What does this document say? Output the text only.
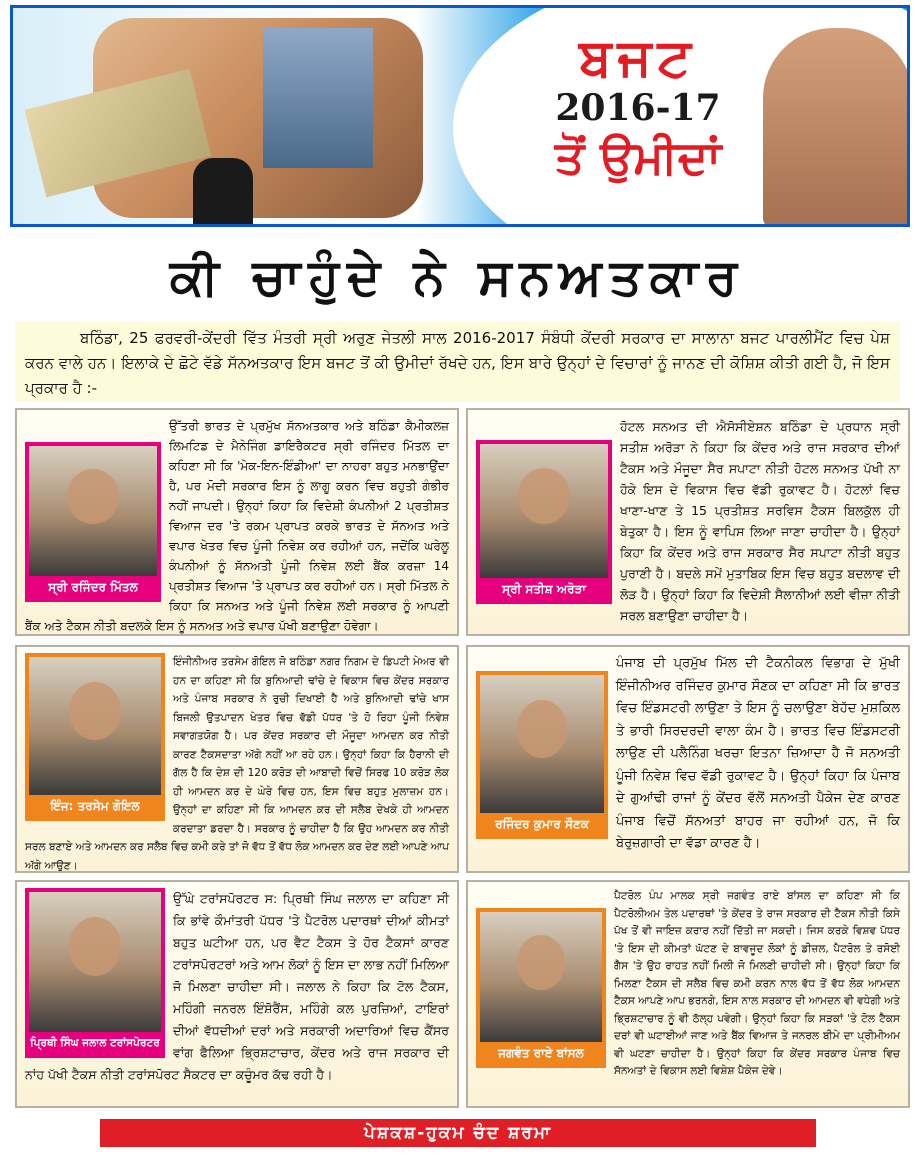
ਬਜਟ
2016-17
ਤੋਂ ਉਮੀਦਾਂ
ਕੀ ਚਾਹੁੰਦੇ ਨੇ ਸਨਅਤਕਾਰ
ਬਠਿੰਡਾ, 25 ਫਰਵਰੀ-ਕੇਂਦਰੀ ਵਿੱਤ ਮੰਤਰੀ ਸ੍ਰੀ ਅਰੁਣ ਜੇਤਲੀ ਸਾਲ 2016-2017 ਸੰਬੰਧੀ ਕੇਂਦਰੀ ਸਰਕਾਰ ਦਾ ਸਾਲਾਨਾ ਬਜਟ ਪਾਰਲੀਮੈਂਟ ਵਿਚ ਪੇਸ਼ ਕਰਨ ਵਾਲੇ ਹਨ। ਇਲਾਕੇ ਦੇ ਛੋਟੇ ਵੱਡੇ ਸੱਨਅਤਕਾਰ ਇਸ ਬਜਟ ਤੋਂ ਕੀ ਉਮੀਦਾਂ ਰੱਖਦੇ ਹਨ, ਇਸ ਬਾਰੇ ਉਨ੍ਹਾਂ ਦੇ ਵਿਚਾਰਾਂ ਨੂੰ ਜਾਨਣ ਦੀ ਕੋਸ਼ਿਸ਼ ਕੀਤੀ ਗਈ ਹੈ, ਜੋ ਇਸ ਪ੍ਰਕਾਰ ਹੈ :-
ਸ੍ਰੀ ਰਜਿੰਦਰ ਮਿੱਤਲ

ਉੱਤਰੀ ਭਾਰਤ ਦੇ ਪ੍ਰਮੁੱਖ ਸੱਨਅਤਕਾਰ ਅਤੇ ਬਠਿੰਡਾ ਕੈਮੀਕਲਜ਼ ਲਿਮਟਿਡ ਦੇ ਮੈਨੇਜਿੰਗ ਡਾਇਰੈਕਟਰ ਸ੍ਰੀ ਰਜਿੰਦਰ ਮਿੱਤਲ ਦਾ ਕਹਿਣਾ ਸੀ ਕਿ 'ਮੇਕ-ਇਨ-ਇੰਡੀਆ' ਦਾ ਨਾਹਰਾ ਬਹੁਤ ਮਨਭਾਉਂਦਾ ਹੈ, ਪਰ ਮੋਦੀ ਸਰਕਾਰ ਇਸ ਨੂੰ ਲਾਗੂ ਕਰਨ ਵਿਚ ਬਹੁਤੀ ਗੰਭੀਰ ਨਹੀਂ ਜਾਪਦੀ। ਉਨ੍ਹਾਂ ਕਿਹਾ ਕਿ ਵਿਦੇਸ਼ੀ ਕੰਪਨੀਆਂ 2 ਪ੍ਰਤੀਸ਼ਤ ਵਿਆਜ ਦਰ 'ਤੇ ਰਕਮ ਪ੍ਰਾਪਤ ਕਰਕੇ ਭਾਰਤ ਦੇ ਸੱਨਅਤ ਅਤੇ ਵਪਾਰ ਖੇਤਰ ਵਿਚ ਪੂੰਜੀ ਨਿਵੇਸ਼ ਕਰ ਰਹੀਆਂ ਹਨ, ਜਦੋਂਕਿ ਘਰੇਲੂ ਕੰਪਨੀਆਂ ਨੂੰ ਸੱਨਅਤੀ ਪੂੰਜੀ ਨਿਵੇਸ਼ ਲਈ ਬੈਂਕ ਕਰਜ਼ਾ 14 ਪ੍ਰਤੀਸ਼ਤ ਵਿਆਜ 'ਤੇ ਪ੍ਰਾਪਤ ਕਰ ਰਹੀਆਂ ਹਨ। ਸ੍ਰੀ ਮਿੱਤਲ ਨੇ ਕਿਹਾ ਕਿ ਸਨਅਤ ਅਤੇ ਪੂੰਜੀ ਨਿਵੇਸ਼ ਲਈ ਸਰਕਾਰ ਨੂੰ ਆਪਣੀ ਬੈਂਕ ਅਤੇ ਟੈਕਸ ਨੀਤੀ ਬਦਲਕੇ ਇਸ ਨੂੰ ਸਨਅਤ ਅਤੇ ਵਪਾਰ ਪੱਖੀ ਬਣਾਉਣਾ ਹੋਵੇਗਾ।

ਸ੍ਰੀ ਸਤੀਸ਼ ਅਰੋੜਾ

ਹੋਟਲ ਸਨਅਤ ਦੀ ਐਸੋਸੀਏਸ਼ਨ ਬਠਿੰਡਾ ਦੇ ਪ੍ਰਧਾਨ ਸ੍ਰੀ ਸਤੀਸ਼ ਅਰੋੜਾ ਨੇ ਕਿਹਾ ਕਿ ਕੇਂਦਰ ਅਤੇ ਰਾਜ ਸਰਕਾਰ ਦੀਆਂ ਟੈਕਸ ਅਤੇ ਮੌਜੂਦਾ ਸੈਰ ਸਪਾਟਾ ਨੀਤੀ ਹੋਟਲ ਸਨਅਤ ਪੱਖੀ ਨਾ ਹੋਕੇ ਇਸ ਦੇ ਵਿਕਾਸ ਵਿਚ ਵੱਡੀ ਰੁਕਾਵਟ ਹੈ। ਹੋਟਲਾਂ ਵਿਚ ਖਾਣਾ-ਖਾਣ ਤੇ 15 ਪ੍ਰਤੀਸ਼ਤ ਸਰਵਿਸ ਟੈਕਸ ਬਿਲਕੁੱਲ ਹੀ ਬੇਤੁਕਾ ਹੈ। ਇਸ ਨੂੰ ਵਾਪਿਸ ਲਿਆ ਜਾਣਾ ਚਾਹੀਦਾ ਹੈ। ਉਨ੍ਹਾਂ ਕਿਹਾ ਕਿ ਕੇਂਦਰ ਅਤੇ ਰਾਜ ਸਰਕਾਰ ਸੈਰ ਸਪਾਟਾ ਨੀਤੀ ਬਹੁਤ ਪੁਰਾਣੀ ਹੈ। ਬਦਲੇ ਸਮੇਂ ਮੁਤਾਬਿਕ ਇਸ ਵਿਚ ਬਹੁਤ ਬਦਲਾਵ ਦੀ ਲੋੜ ਹੈ। ਉਨ੍ਹਾਂ ਕਿਹਾ ਕਿ ਵਿਦੇਸ਼ੀ ਸੈਲਾਨੀਆਂ ਲਈ ਵੀਜ਼ਾ ਨੀਤੀ ਸਰਲ ਬਣਾਉਣਾ ਚਾਹੀਦਾ ਹੈ।

ਇੰਜ: ਤਰਸੇਮ ਗੋਇਲ

ਇੰਜੀਨੀਅਰ ਤਰਸੇਮ ਗੋਇਲ ਜੋ ਬਠਿੰਡਾ ਨਗਰ ਨਿਗਮ ਦੇ ਡਿਪਟੀ ਮੇਅਰ ਵੀ ਹਨ ਦਾ ਕਹਿਣਾ ਸੀ ਕਿ ਬੁਨਿਆਦੀ ਢਾਂਚੇ ਦੇ ਵਿਕਾਸ ਵਿਚ ਕੇਂਦਰ ਸਰਕਾਰ ਅਤੇ ਪੰਜਾਬ ਸਰਕਾਰ ਨੇ ਰੁਚੀ ਦਿਖਾਈ ਹੈ ਅਤੇ ਬੁਨਿਆਦੀ ਢਾਂਚੇ ਖਾਸ ਬਿਜਲੀ ਉਤਪਾਦਨ ਖੇਤਰ ਵਿਚ ਵੱਡੀ ਪੱਧਰ 'ਤੇ ਹੋ ਰਿਹਾ ਪੂੰਜੀ ਨਿਵੇਸ਼ ਸਵਾਗਤਯੋਗ ਹੈ। ਪਰ ਕੇਂਦਰ ਸਰਕਾਰ ਦੀ ਮੌਜੂਦਾ ਆਮਦਨ ਕਰ ਨੀਤੀ ਕਾਰਣ ਟੈਕਸਦਾਤਾ ਅੱਗੇ ਨਹੀਂ ਆ ਰਹੇ ਹਨ। ਉਨ੍ਹਾਂ ਕਿਹਾ ਕਿ ਹੈਰਾਨੀ ਦੀ ਗੱਲ ਹੈ ਕਿ ਦੇਸ਼ ਦੀ 120 ਕਰੋੜ ਦੀ ਆਬਾਦੀ ਵਿਚੋਂ ਸਿਰਫ 10 ਕਰੋੜ ਲੋਕ ਹੀ ਆਮਦਨ ਕਰ ਦੇ ਘੇਰੇ ਵਿਚ ਹਨ, ਇਸ ਵਿਚ ਬਹੁਤ ਮੁਲਾਜ਼ਮ ਹਨ। ਉਨ੍ਹਾਂ ਦਾ ਕਹਿਣਾ ਸੀ ਕਿ ਆਮਦਨ ਕਰ ਦੀ ਸਲੈਬ ਦੇਖਕੇ ਹੀ ਆਮਦਨ ਕਰਦਾਤਾ ਡਰਦਾ ਹੈ। ਸਰਕਾਰ ਨੂੰ ਚਾਹੀਦਾ ਹੈ ਕਿ ਉਹ ਆਮਦਨ ਕਰ ਨੀਤੀ ਸਰਲ ਬਣਾਏ ਅਤੇ ਆਮਦਨ ਕਰ ਸਲੈਬ ਵਿਚ ਕਮੀ ਕਰੇ ਤਾਂ ਜੋ ਵੱਧ ਤੋਂ ਵੱਧ ਲੋਕ ਆਮਦਨ ਕਰ ਦੇਣ ਲਈ ਆਪਣੇ ਆਪ ਅੱਗੇ ਆਉਣ।

ਰਜਿੰਦਰ ਕੁਮਾਰ ਸੌਣਕ

ਪੰਜਾਬ ਦੀ ਪ੍ਰਮੁੱਖ ਮਿੱਲ ਦੀ ਟੈਕਨੀਕਲ ਵਿਭਾਗ ਦੇ ਮੁੱਖੀ ਇੰਜੀਨੀਅਰ ਰਜਿੰਦਰ ਕੁਮਾਰ ਸੌਣਕ ਦਾ ਕਹਿਣਾ ਸੀ ਕਿ ਭਾਰਤ ਵਿਚ ਇੰਡਸਟਰੀ ਲਾਉਣਾ ਤੇ ਇਸ ਨੂੰ ਚਲਾਉਣਾ ਬੇਹੱਦ ਮੁਸ਼ਕਿਲ ਤੇ ਭਾਰੀ ਸਿਰਦਰਦੀ ਵਾਲਾ ਕੰਮ ਹੈ। ਭਾਰਤ ਵਿਚ ਇੰਡਸਟਰੀ ਲਾਉਣ ਦੀ ਪਲੈਨਿੰਗ ਖਰਚਾ ਇਤਨਾ ਜ਼ਿਆਦਾ ਹੈ ਜੋ ਸਨਅਤੀ ਪੂੰਜੀ ਨਿਵੇਸ਼ ਵਿਚ ਵੱਡੀ ਰੁਕਾਵਟ ਹੈ। ਉਨ੍ਹਾਂ ਕਿਹਾ ਕਿ ਪੰਜਾਬ ਦੇ ਗੁਆਂਢੀ ਰਾਜਾਂ ਨੂੰ ਕੇਂਦਰ ਵੱਲੋਂ ਸਨਅਤੀ ਪੈਕੇਜ ਦੇਣ ਕਾਰਣ ਪੰਜਾਬ ਵਿਚੋਂ ਸੱਨਅਤਾਂ ਬਾਹਰ ਜਾ ਰਹੀਆਂ ਹਨ, ਜੋ ਕਿ ਬੇਰੁਜ਼ਗਾਰੀ ਦਾ ਵੱਡਾ ਕਾਰਣ ਹੈ।

ਪ੍ਰਿਥੀ ਸਿੰਘ ਜਲਾਲ ਟਰਾਂਸਪੋਰਟਰ

ਉੱਘੇ ਟਰਾਂਸਪੋਰਟਰ ਸ: ਪ੍ਰਿਥੀ ਸਿੰਘ ਜਲਾਲ ਦਾ ਕਹਿਣਾ ਸੀ ਕਿ ਭਾਂਵੇ ਕੌਮਾਂਤਰੀ ਪੱਧਰ 'ਤੇ ਪੈਟਰੋਲ ਪਦਾਰਥਾਂ ਦੀਆਂ ਕੀਮਤਾਂ ਬਹੁਤ ਘਟੀਆ ਹਨ, ਪਰ ਵੈਟ ਟੈਕਸ ਤੇ ਹੋਰ ਟੈਕਸਾਂ ਕਾਰਣ ਟਰਾਂਸਪੋਰਟਰਾਂ ਅਤੇ ਆਮ ਲੋਕਾਂ ਨੂੰ ਇਸ ਦਾ ਲਾਭ ਨਹੀਂ ਮਿਲਿਆ ਜੋ ਮਿਲਣਾ ਚਾਹੀਦਾ ਸੀ। ਜਲਾਲ ਨੇ ਕਿਹਾ ਕਿ ਟੋਲ ਟੈਕਸ, ਮਹਿੰਗੀ ਜਨਰਲ ਇੰਸ਼ੋਰੈਂਸ, ਮਹਿੰਗੇ ਕਲ ਪੁਰਜ਼ਿਆਂ, ਟਾਇਰਾਂ ਦੀਆਂ ਵੱਧਦੀਆਂ ਦਰਾਂ ਅਤੇ ਸਰਕਾਰੀ ਅਦਾਰਿਆਂ ਵਿਚ ਕੈਂਸਰ ਵਾਂਗ ਫੈਲਿਆ ਭ੍ਰਿਸ਼ਟਾਚਾਰ, ਕੇਂਦਰ ਅਤੇ ਰਾਜ ਸਰਕਾਰ ਦੀ ਨਾਂਹ ਪੱਖੀ ਟੈਕਸ ਨੀਤੀ ਟਰਾਂਸਪੋਰਟ ਸੈਕਟਰ ਦਾ ਕਚੂੰਮਰ ਕੱਢ ਰਹੀ ਹੈ।

ਜਗਵੰਤ ਰਾਏ ਬਾਂਸਲ

ਪੈਟਰੋਲ ਪੰਪ ਮਾਲਕ ਸ੍ਰੀ ਜਗਵੰਤ ਰਾਏ ਬਾਂਸਲ ਦਾ ਕਹਿਣਾ ਸੀ ਕਿ ਪੈਟਰੋਲੀਅਮ ਤੇਲ ਪਦਾਰਥਾਂ 'ਤੇ ਕੇਂਦਰ ਤੇ ਰਾਜ ਸਰਕਾਰ ਦੀ ਟੈਕਸ ਨੀਤੀ ਕਿਸੇ ਪੱਖ ਤੋਂ ਵੀ ਜਾਇਜ਼ ਕਰਾਰ ਨਹੀਂ ਦਿੱਤੀ ਜਾ ਸਕਦੀ। ਜਿਸ ਕਰਕੇ ਵਿਸ਼ਵ ਪੱਧਰ 'ਤੇ ਇਸ ਦੀ ਕੀਮਤਾਂ ਘੱਟਣ ਦੇ ਬਾਵਜੂਦ ਲੋਕਾਂ ਨੂੰ ਡੀਜ਼ਲ, ਪੈਟਰੋਲ ਤੇ ਰਸੋਈ ਗੈਸ 'ਤੇ ਉਹ ਰਾਹਤ ਨਹੀਂ ਮਿਲੀ ਜੋ ਮਿਲਣੀ ਚਾਹੀਦੀ ਸੀ। ਉਨ੍ਹਾਂ ਕਿਹਾ ਕਿ ਮਿਲਣਾ ਟੈਕਸ ਦੀ ਸਲੈਬ ਵਿਚ ਕਮੀ ਕਰਨ ਨਾਲ ਵੱਧ ਤੋਂ ਵੱਧ ਲੋਕ ਆਮਦਨ ਟੈਕਸ ਆਪਣੇ ਆਪ ਭਰਨਗੇ, ਇਸ ਨਾਲ ਸਰਕਾਰ ਦੀ ਆਮਦਨ ਵੀ ਵਧੇਗੀ ਅਤੇ ਭ੍ਰਿਸ਼ਟਾਚਾਰ ਨੂੰ ਵੀ ਠੱਲ੍ਹ ਪਵੇਗੀ। ਉਨ੍ਹਾਂ ਕਿਹਾ ਕਿ ਸੜਕਾਂ 'ਤੇ ਟੋਲ ਟੈਕਸ ਦਰਾਂ ਵੀ ਘਟਾਈਆਂ ਜਾਣ ਅਤੇ ਬੈਂਕ ਵਿਆਜ ਤੇ ਜਨਰਲ ਬੀਮੇ ਦਾ ਪ੍ਰੀਮੀਅਮ ਵੀ ਘਟਣਾ ਚਾਹੀਦਾ ਹੈ। ਉਨ੍ਹਾਂ ਕਿਹਾ ਕਿ ਕੇਂਦਰ ਸਰਕਾਰ ਪੰਜਾਬ ਵਿਚ ਸੱਨਅਤਾਂ ਦੇ ਵਿਕਾਸ ਲਈ ਵਿਸ਼ੇਸ਼ ਪੈਕੇਜ ਦੇਵੇ।

ਪੇਸ਼ਕਸ਼-ਹੁਕਮ ਚੰਦ ਸ਼ਰਮਾ
